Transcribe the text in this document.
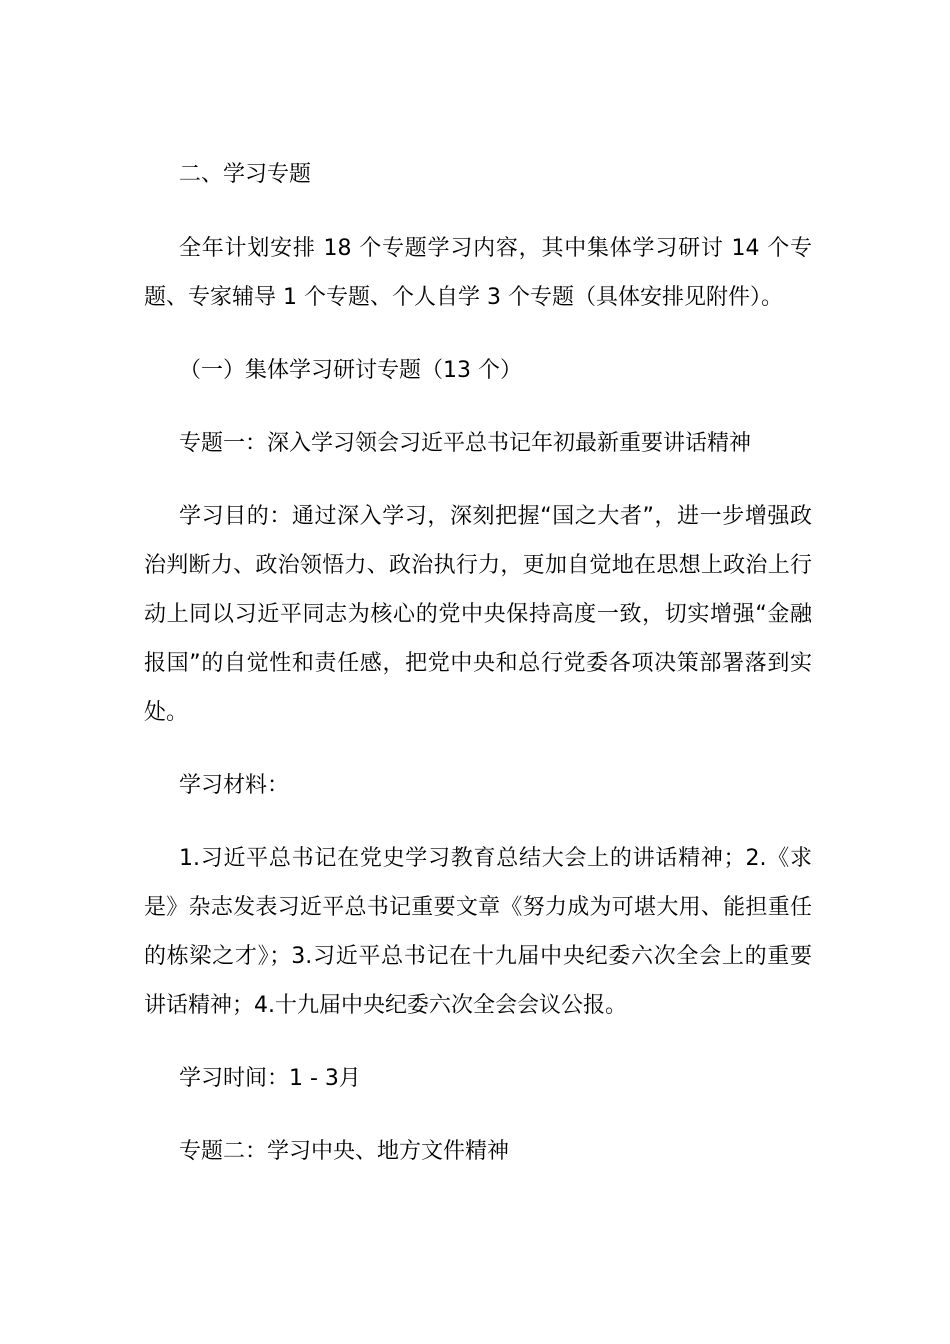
二、学习专题

全年计划安排 18 个专题学习内容，其中集体学习研讨 14 个专题、专家辅导 1 个专题、个人自学 3 个专题（具体安排见附件）。

（一）集体学习研讨专题（13 个）

专题一：深入学习领会习近平总书记年初最新重要讲话精神

学习目的：通过深入学习，深刻把握“国之大者”，进一步增强政治判断力、政治领悟力、政治执行力，更加自觉地在思想上政治上行动上同以习近平同志为核心的党中央保持高度一致，切实增强“金融报国”的自觉性和责任感，把党中央和总行党委各项决策部署落到实处。

学习材料：

1.习近平总书记在党史学习教育总结大会上的讲话精神；2.《求是》杂志发表习近平总书记重要文章《努力成为可堪大用、能担重任的栋梁之才》；3.习近平总书记在十九届中央纪委六次全会上的重要讲话精神；4.十九届中央纪委六次全会会议公报。

学习时间：1 - 3月

专题二：学习中央、地方文件精神
